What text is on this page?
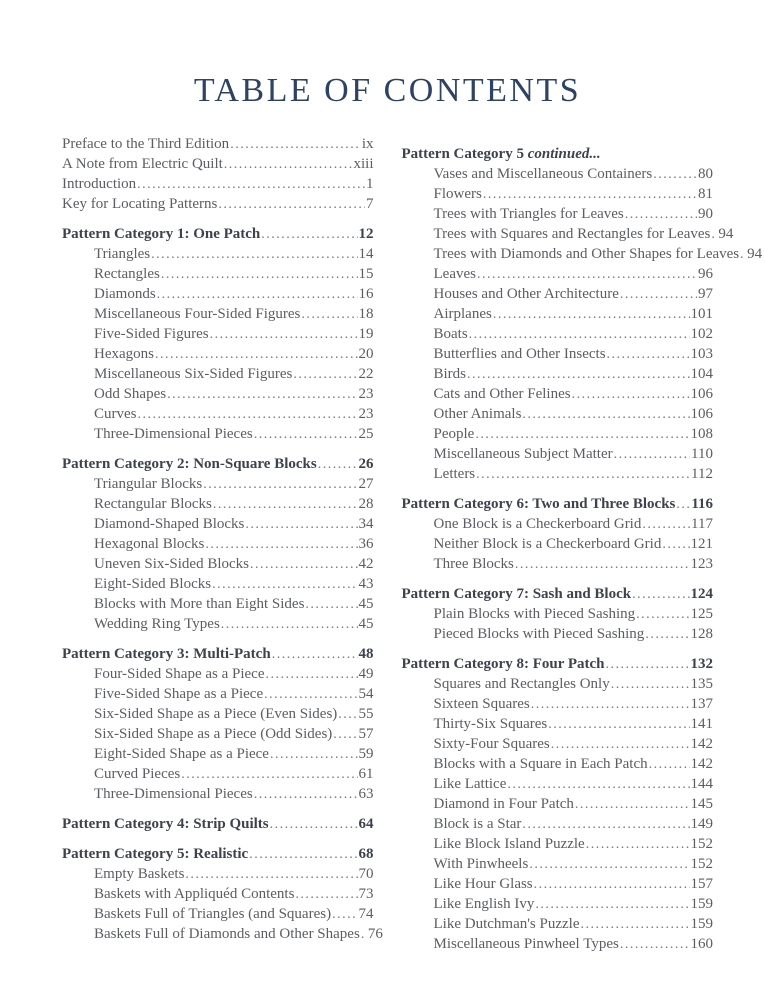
TABLE OF CONTENTS
Preface to the Third Edition .....	ix
A Note from Electric Quilt .....	xiii
Introduction .....	1
Key for Locating Patterns .....	7
Pattern Category 1: One Patch .....	12
Triangles .....	14
Rectangles .....	15
Diamonds .....	16
Miscellaneous Four-Sided Figures .....	18
Five-Sided Figures .....	19
Hexagons .....	20
Miscellaneous Six-Sided Figures .....	22
Odd Shapes .....	23
Curves .....	23
Three-Dimensional Pieces .....	25
Pattern Category 2: Non-Square Blocks .....	26
Triangular Blocks .....	27
Rectangular Blocks .....	28
Diamond-Shaped Blocks .....	34
Hexagonal Blocks .....	36
Uneven Six-Sided Blocks .....	42
Eight-Sided Blocks .....	43
Blocks with More than Eight Sides .....	45
Wedding Ring Types .....	45
Pattern Category 3: Multi-Patch .....	48
Four-Sided Shape as a Piece .....	49
Five-Sided Shape as a Piece .....	54
Six-Sided Shape as a Piece (Even Sides) ..... 55
Six-Sided Shape as a Piece (Odd Sides) ..... 57
Eight-Sided Shape as a Piece .....	59
Curved Pieces .....	61
Three-Dimensional Pieces .....	63
Pattern Category 4: Strip Quilts .....	64
Pattern Category 5: Realistic .....	68
Empty Baskets .....	70
Baskets with Appliquéd Contents .....	73
Baskets Full of Triangles (and Squares) ..... 74
Baskets Full of Diamonds and Other Shapes ..... 76
Pattern Category 5 continued...
Vases and Miscellaneous Containers .....	80
Flowers .....	81
Trees with Triangles for Leaves .....	90
Trees with Squares and Rectangles for Leaves ..... 94
Trees with Diamonds and Other Shapes for Leaves ..... 94
Leaves .....	96
Houses and Other Architecture .....	97
Airplanes .....	101
Boats .....	102
Butterflies and Other Insects .....	103
Birds .....	104
Cats and Other Felines .....	106
Other Animals .....	106
People .....	108
Miscellaneous Subject Matter .....	110
Letters .....	112
Pattern Category 6: Two and Three Blocks ..... 116
One Block is a Checkerboard Grid .....	117
Neither Block is a Checkerboard Grid ..... 121
Three Blocks .....	123
Pattern Category 7: Sash and Block .....	124
Plain Blocks with Pieced Sashing .....	125
Pieced Blocks with Pieced Sashing .....	128
Pattern Category 8: Four Patch .....	132
Squares and Rectangles Only .....	135
Sixteen Squares .....	137
Thirty-Six Squares .....	141
Sixty-Four Squares .....	142
Blocks with a Square in Each Patch .....	142
Like Lattice .....	144
Diamond in Four Patch .....	145
Block is a Star .....	149
Like Block Island Puzzle .....	152
With Pinwheels .....	152
Like Hour Glass .....	157
Like English Ivy .....	159
Like Dutchman's Puzzle .....	159
Miscellaneous Pinwheel Types .....	160
